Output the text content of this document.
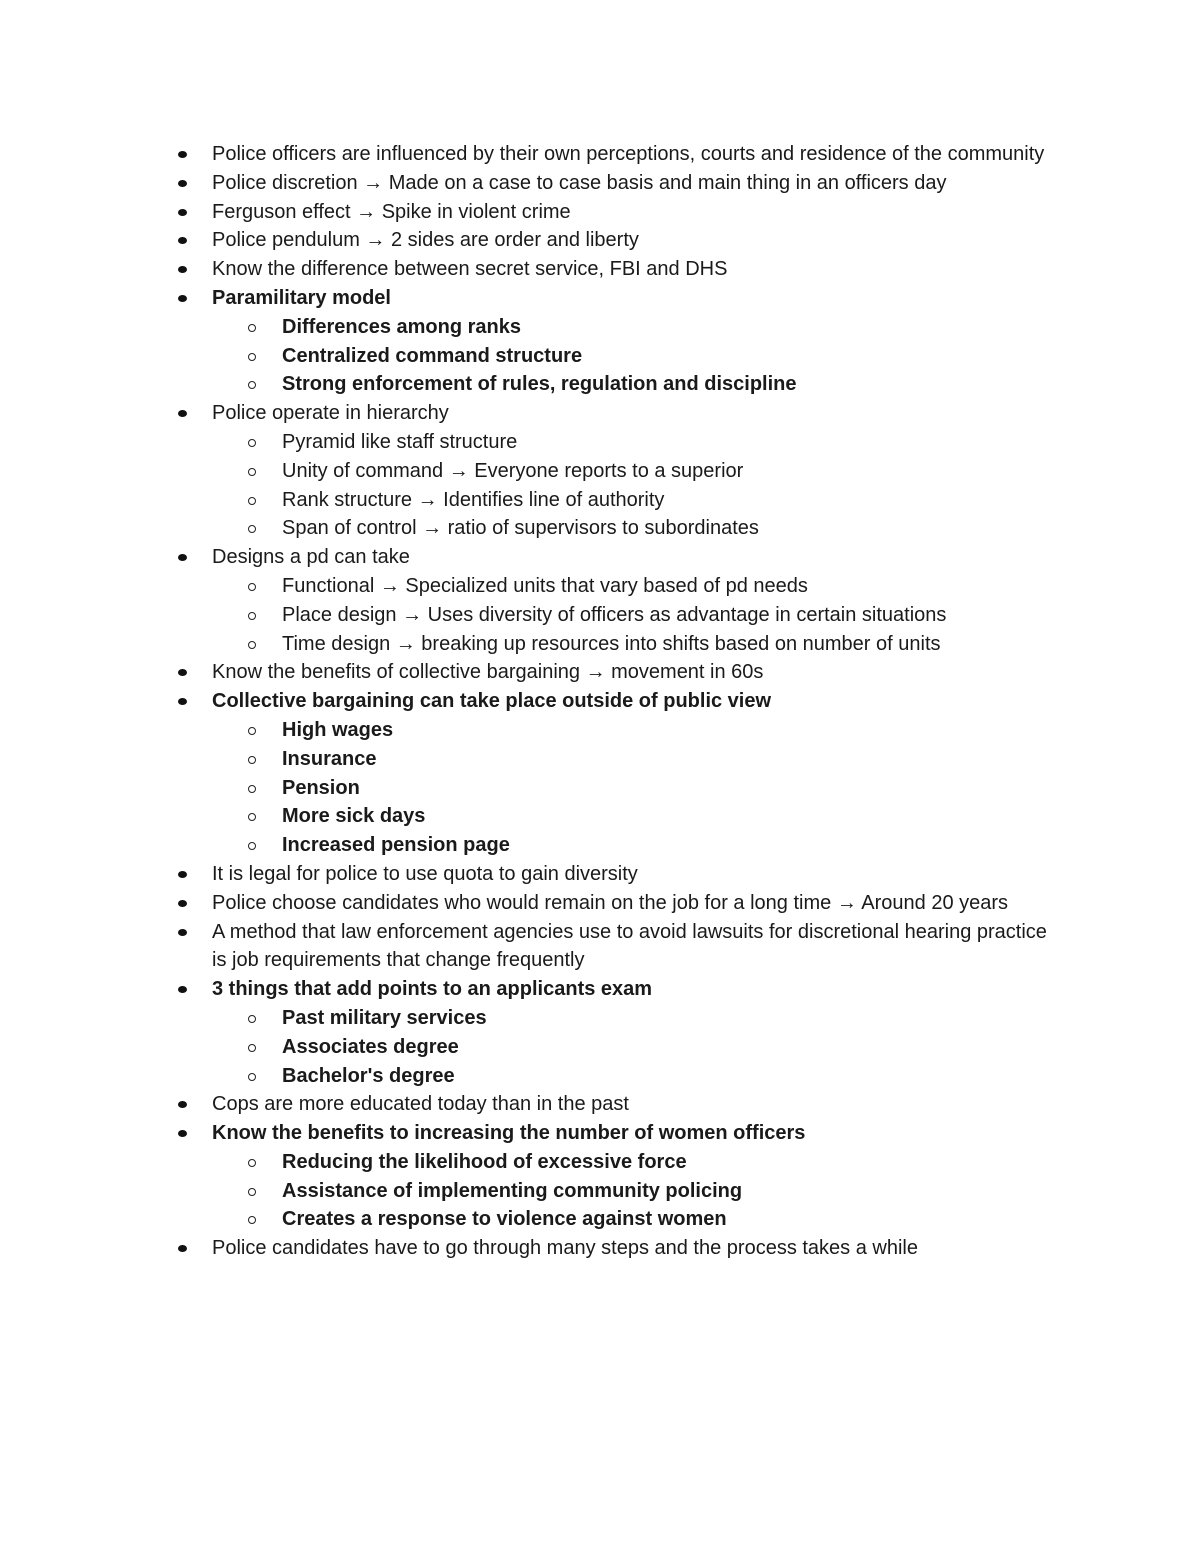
Police officers are influenced by their own perceptions, courts and residence of the community
Police discretion → Made on a case to case basis and main thing in an officers day
Ferguson effect → Spike in violent crime
Police pendulum → 2 sides are order and liberty
Know the difference between secret service, FBI and DHS
Paramilitary model
Differences among ranks
Centralized command structure
Strong enforcement of rules, regulation and discipline
Police operate in hierarchy
Pyramid like staff structure
Unity of command → Everyone reports to a superior
Rank structure → Identifies line of authority
Span of control → ratio of supervisors to subordinates
Designs a pd can take
Functional → Specialized units that vary based of pd needs
Place design → Uses diversity of officers as advantage in certain situations
Time design → breaking up resources into shifts based on number of units
Know the benefits of collective bargaining → movement in 60s
Collective bargaining can take place outside of public view
High wages
Insurance
Pension
More sick days
Increased pension page
It is legal for police to use quota to gain diversity
Police choose candidates who would remain on the job for a long time → Around 20 years
A method that law enforcement agencies use to avoid lawsuits for discretional hearing practice is job requirements that change frequently
3 things that add points to an applicants exam
Past military services
Associates degree
Bachelor's degree
Cops are more educated today than in the past
Know the benefits to increasing the number of women officers
Reducing the likelihood of excessive force
Assistance of implementing community policing
Creates a response to violence against women
Police candidates have to go through many steps and the process takes a while
